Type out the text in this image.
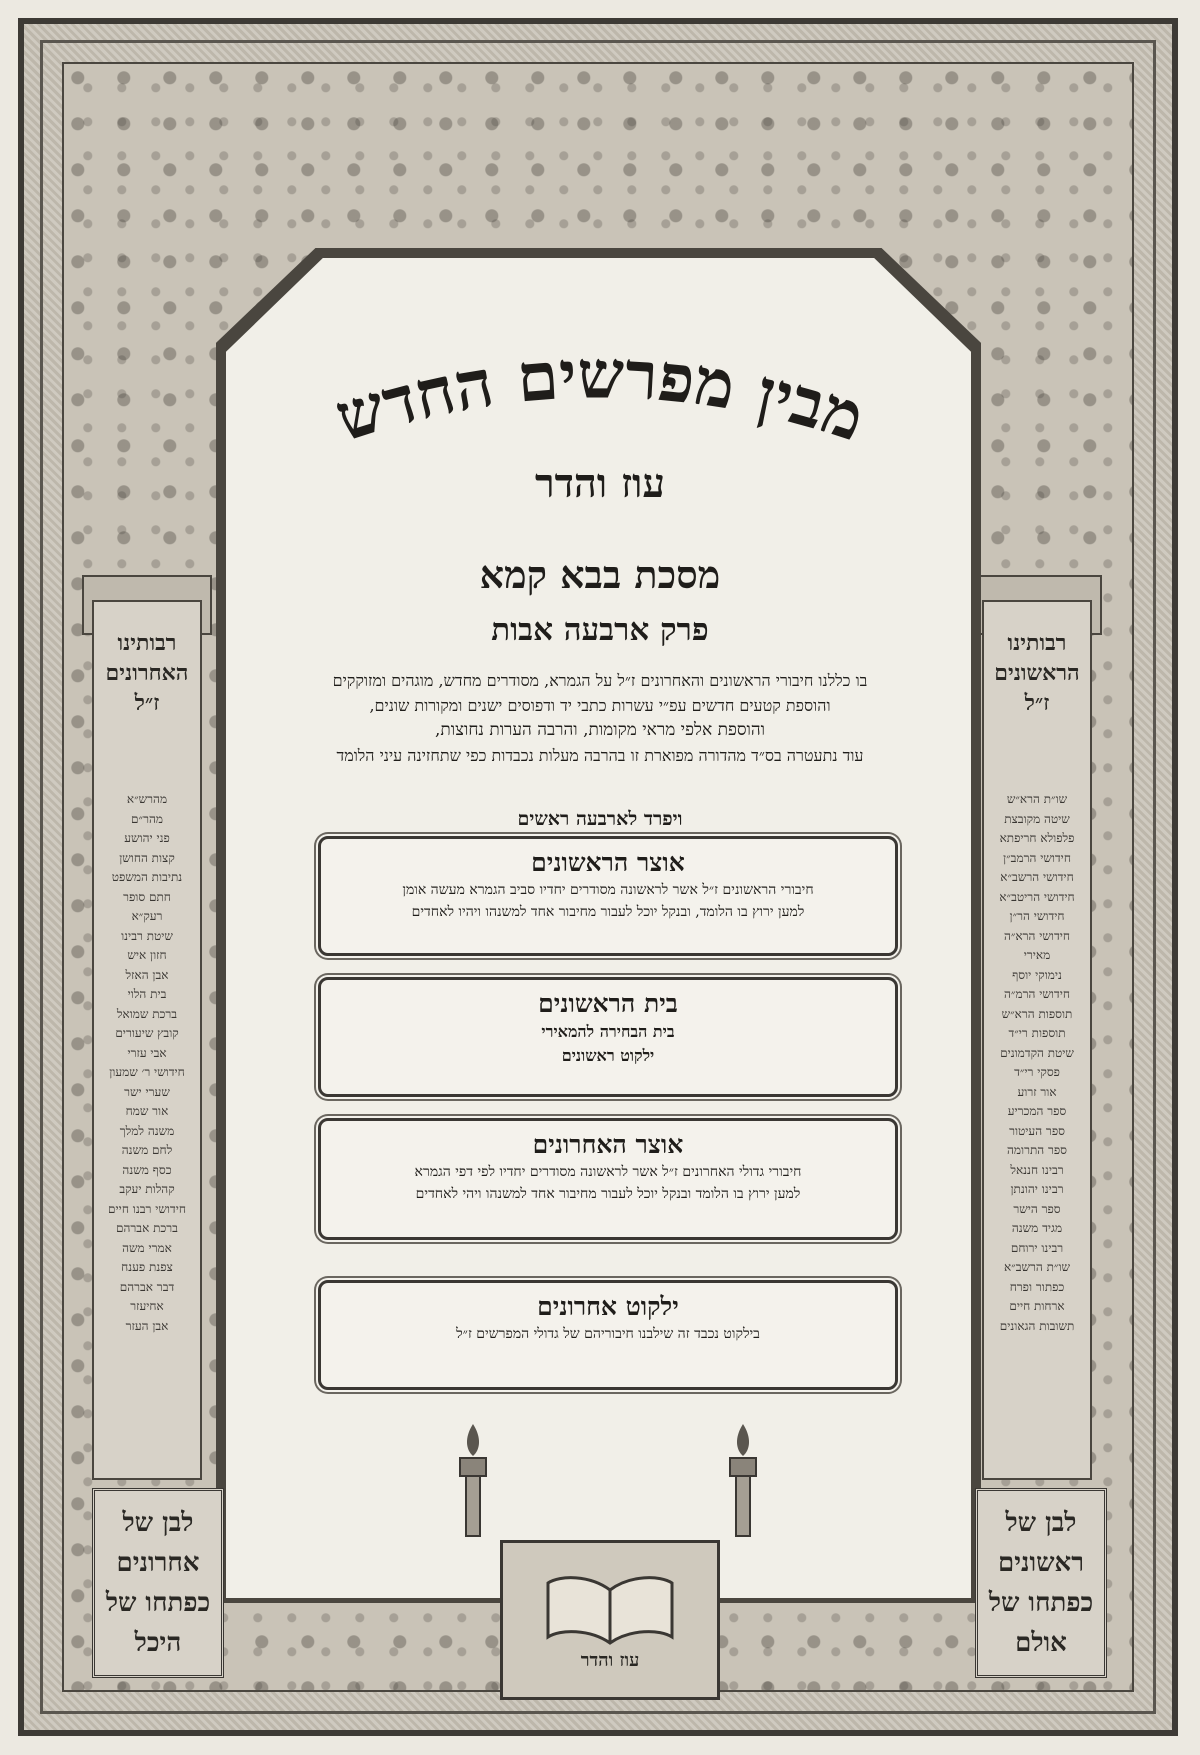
רבותינו הראשונים ז״ל
רבותינו האחרונים ז״ל
שו״ת הרא״ש
שיטה מקובצת
פלפולא חריפתא
חידושי הרמב״ן
חידושי הרשב״א
חידושי הריטב״א
חידושי הר״ן
חידושי הרא״ה
מאירי
נימוקי יוסף
חידושי הרמ״ה
תוספות הרא״ש
תוספות רי״ד
שיטת הקדמונים
פסקי רי״ד
אור זרוע
ספר המכריע
ספר העיטור
ספר התרומה
רבינו חננאל
רבינו יהונתן
ספר הישר
מגיד משנה
רבינו ירוחם
שו״ת הרשב״א
כפתור ופרח
ארחות חיים
תשובות הגאונים
מהרש״א
מהר״ם
פני יהושע
קצות החושן
נתיבות המשפט
חתם סופר
רעק״א
שיטת רבינו
חזון איש
אבן האזל
בית הלוי
ברכת שמואל
קובץ שיעורים
אבי עזרי
חידושי ר׳ שמעון
שערי ישר
אור שמח
משנה למלך
לחם משנה
כסף משנה
קהלות יעקב
חידושי רבנו חיים
ברכת אברהם
אמרי משה
צפנת פענח
דבר אברהם
אחיעזר
אבן העזר
מבין מפרשים החדש
עוז והדר
מסכת בבא קמא
פרק ארבעה אבות
בו כללנו חיבורי הראשונים והאחרונים ז״ל על הגמרא, מסודרים מחדש, מוגהים ומזוקקים
והוספת קטעים חדשים עפ״י עשרות כתבי יד ודפוסים ישנים ומקורות שונים,
והוספת אלפי מראי מקומות, והרבה הערות נחוצות,
עוד נתעטרה בס״ד מהדורה מפוארת זו בהרבה מעלות נכבדות כפי שתחזינה עיני הלומד
ויפרד לארבעה ראשים
אוצר הראשונים
חיבורי הראשונים ז״ל אשר לראשונה מסודרים יחדיו סביב הגמרא מעשה אומן
למען ירוץ בו הלומד, ובנקל יוכל לעבור מחיבור אחד למשנהו ויהיו לאחדים
בית הראשונים
בית הבחירה להמאירי
ילקוט ראשונים
אוצר האחרונים
חיבורי גדולי האחרונים ז״ל אשר לראשונה מסודרים יחדיו לפי דפי הגמרא
למען ירוץ בו הלומד ובנקל יוכל לעבור מחיבור אחד למשנהו ויהי לאחדים
ילקוט אחרונים
בילקוט נכבד זה שילבנו חיבוריהם של גדולי המפרשים ז״ל
עוז והדר
לבן של אחרונים כפתחו של היכל
לבן של ראשונים כפתחו של אולם
